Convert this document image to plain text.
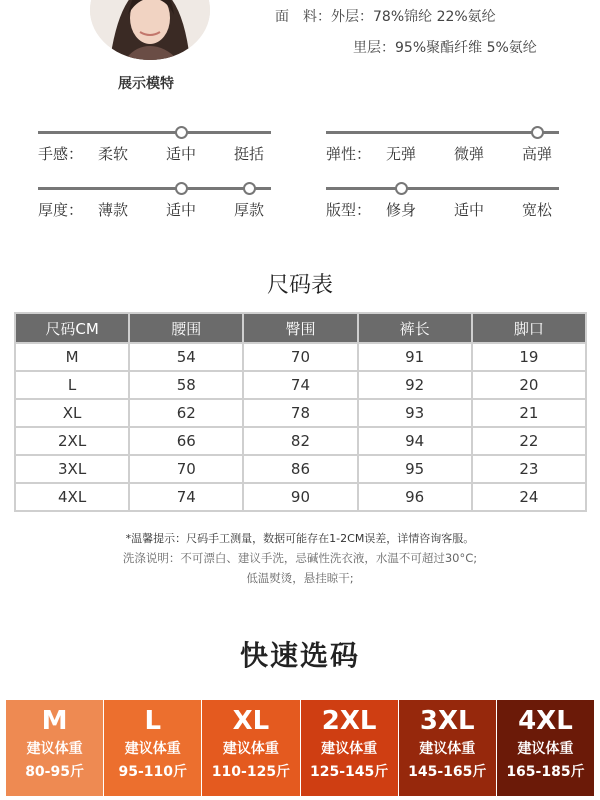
展示模特
面　料：外层：78%锦纶 22%氨纶
里层：95%聚酯纤维 5%氨纶
手感： 柔软	适中	挺括	弹性： 无弹	微弹	高弹
厚度： 薄款	适中	厚款	版型： 修身	适中	宽松
尺码表
尺码CM	腰围	臀围	裤长	脚口
M	54	70	91	19
L	58	74	92	20
XL	62	78	93	21
2XL	66	82	94	22
3XL	70	86	95	23
4XL	74	90	96	24
*温馨提示：尺码手工测量，数据可能存在1-2CM误差，详情咨询客服。
洗涤说明：不可漂白、建议手洗，忌碱性洗衣液，水温不可超过30°C;
低温熨烫，悬挂晾干;
快速选码
M
建议体重
80-95斤
L
建议体重
95-110斤
XL
建议体重
110-125斤
2XL
建议体重
125-145斤
3XL
建议体重
145-165斤
4XL
建议体重
165-185斤
